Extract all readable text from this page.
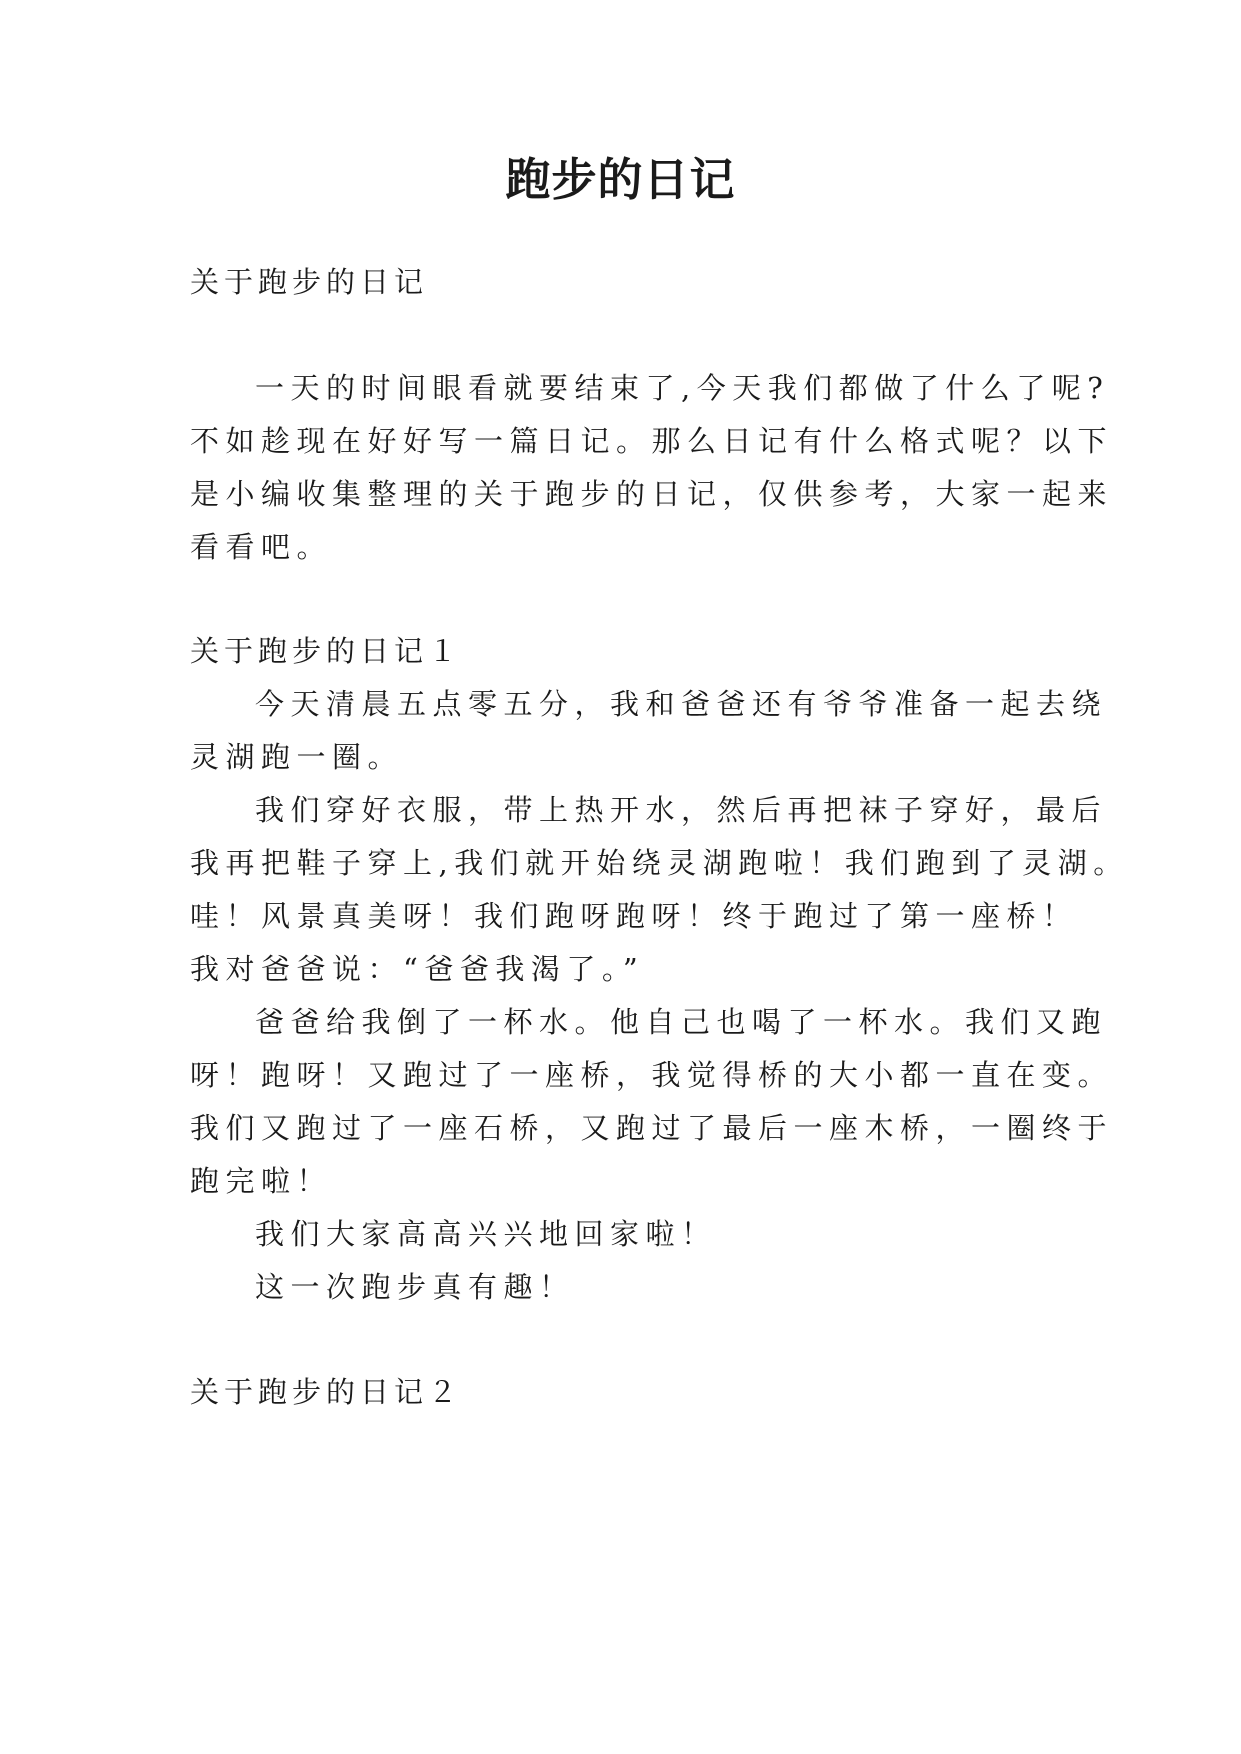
跑步的日记
关于跑步的日记
一天的时间眼看就要结束了,今天我们都做了什么了呢?
不如趁现在好好写一篇日记。那么日记有什么格式呢？以下
是小编收集整理的关于跑步的日记，仅供参考，大家一起来
看看吧。
关于跑步的日记１
今天清晨五点零五分，我和爸爸还有爷爷准备一起去绕
灵湖跑一圈。
我们穿好衣服，带上热开水，然后再把袜子穿好，最后
我再把鞋子穿上,我们就开始绕灵湖跑啦！我们跑到了灵湖。
哇！风景真美呀！我们跑呀跑呀！终于跑过了第一座桥！
我对爸爸说：“爸爸我渴了。”
爸爸给我倒了一杯水。他自己也喝了一杯水。我们又跑
呀！跑呀！又跑过了一座桥，我觉得桥的大小都一直在变。
我们又跑过了一座石桥，又跑过了最后一座木桥，一圈终于
跑完啦！
我们大家高高兴兴地回家啦！
这一次跑步真有趣！
关于跑步的日记２
